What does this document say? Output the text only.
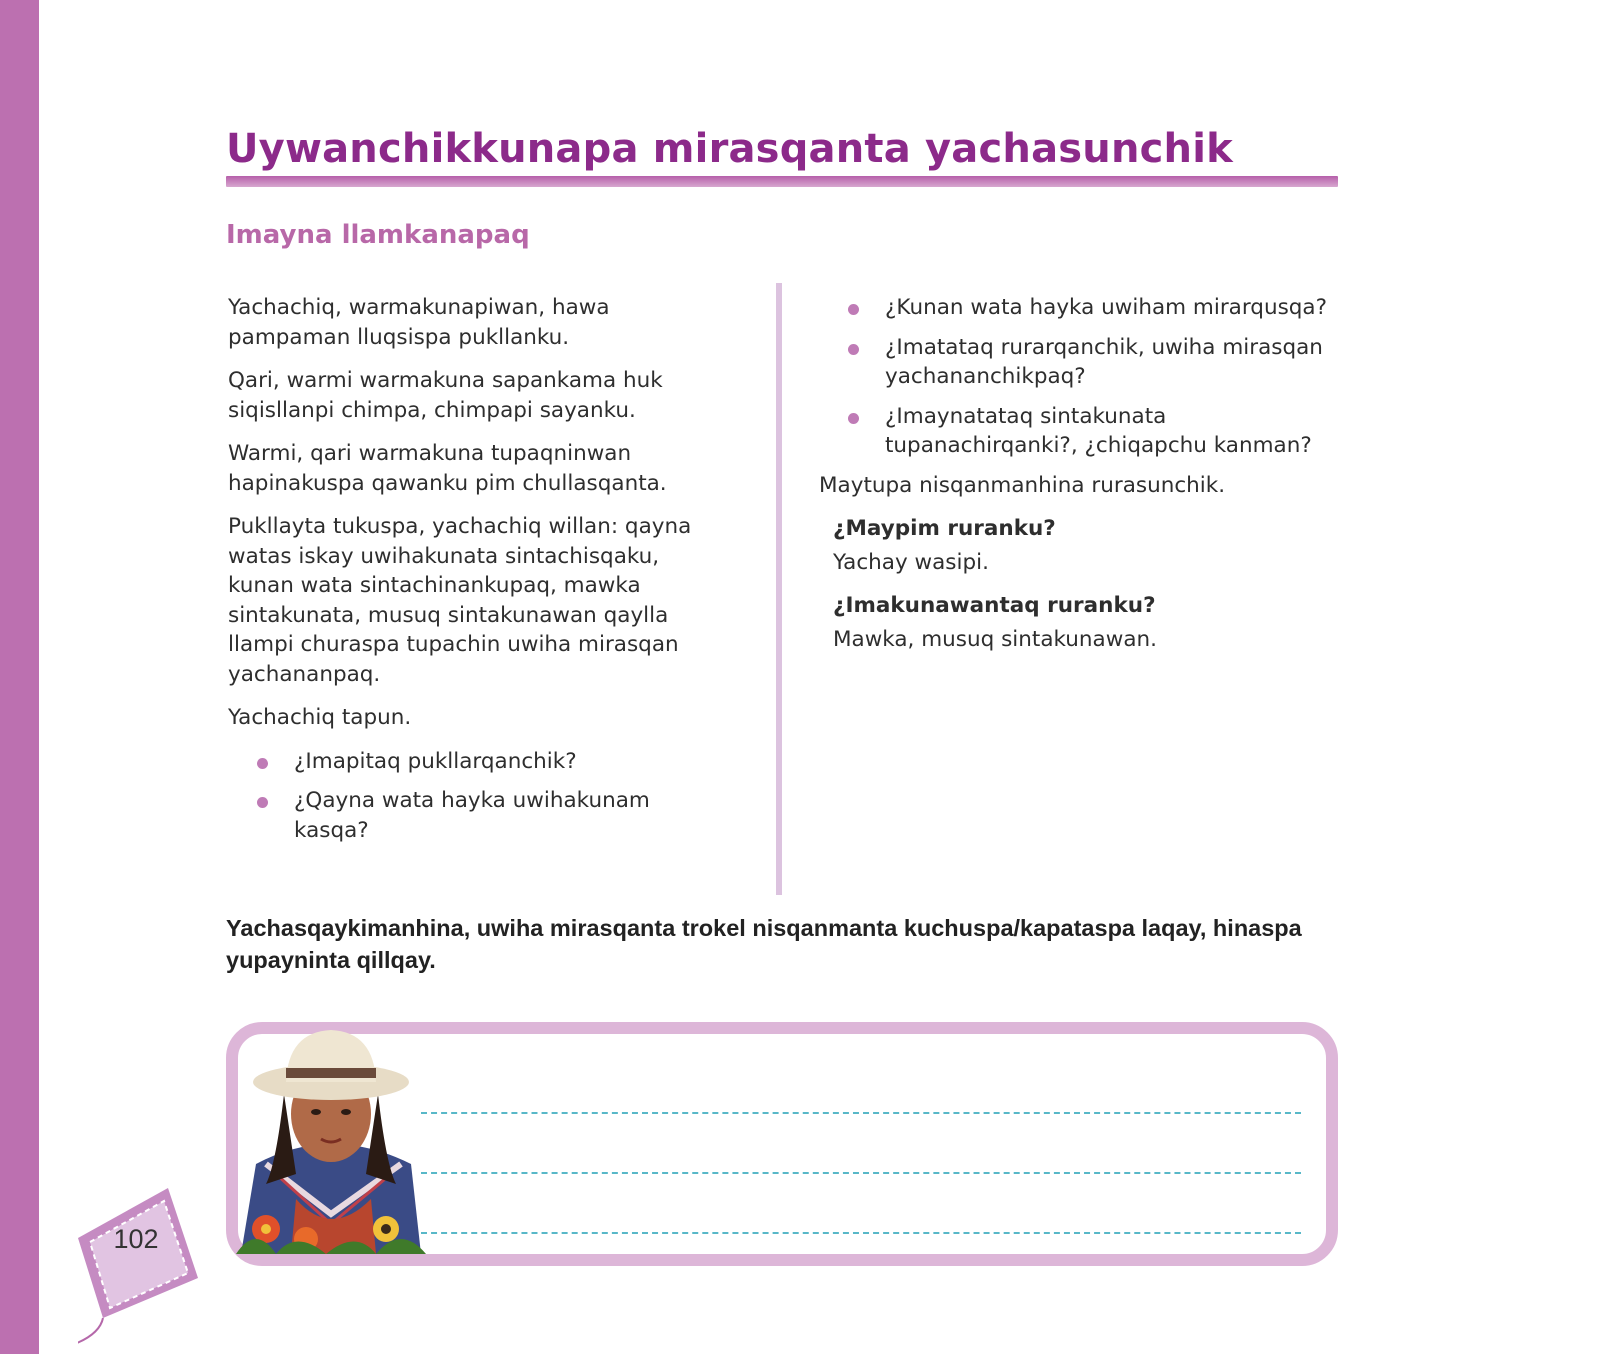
Uywanchikkunapa mirasqanta yachasunchik
Imayna llamkanapaq

Yachachiq, warmakunapiwan, hawa pampaman lluqsispa pukllanku.

Qari, warmi warmakuna sapankama huk siqisllanpi chimpa, chimpapi sayanku.

Warmi, qari warmakuna tupaqninwan hapinakuspa qawanku pim chullasqanta.

Pukllayta tukuspa, yachachiq willan: qayna watas iskay uwihakunata sintachisqaku, kunan wata sintachinankupaq, mawka sintakunata, musuq sintakunawan qaylla llampi churaspa tupachin uwiha mirasqan yachananpaq.

Yachachiq tapun.

¿Imapitaq pukllarqanchik?
¿Qayna wata hayka uwihakunam kasqa?
¿Kunan wata hayka uwiham mirarqusqa?
¿Imatataq rurarqanchik, uwiha mirasqan yachananchikpaq?
¿Imaynatataq sintakunata tupanachirqanki?, ¿chiqapchu kanman?

Maytupa nisqanmanhina rurasunchik.

¿Maypim ruranku?

Yachay wasipi.

¿Imakunawantaq ruranku?

Mawka, musuq sintakunawan.

Yachasqaykimanhina, uwiha mirasqanta trokel nisqanmanta kuchuspa/kapataspa laqay, hinaspa yupayninta qillqay.
102
